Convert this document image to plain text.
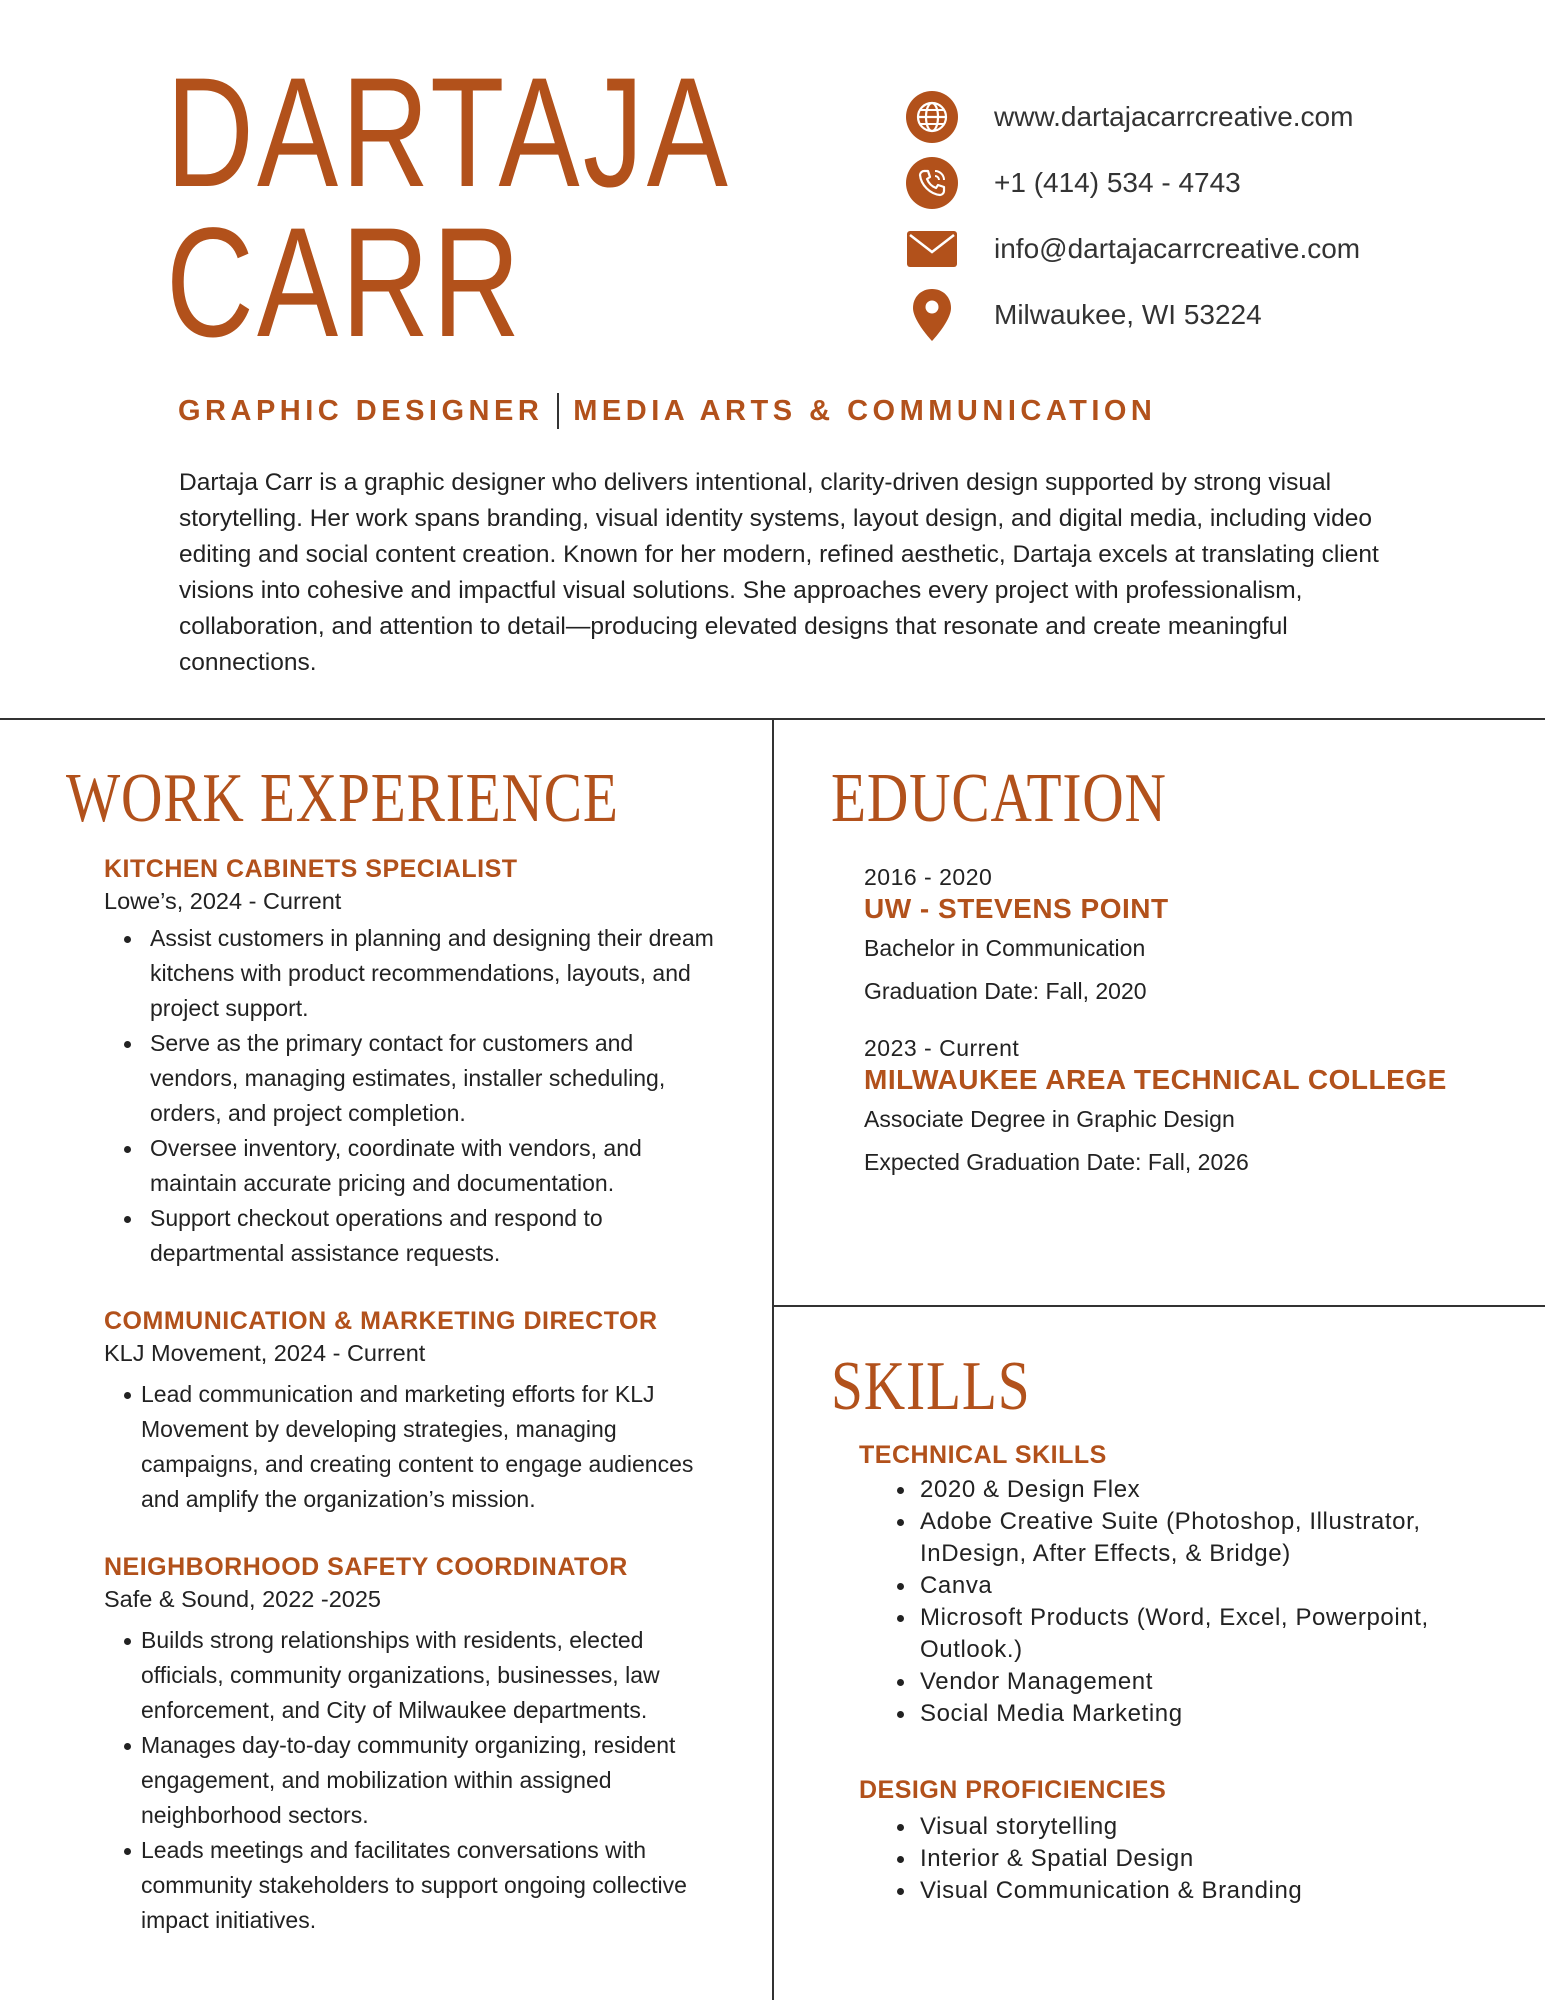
DARTAJA
CARR
www.dartajacarrcreative.com
+1 (414) 534 - 4743
info@dartajacarrcreative.com
Milwaukee, WI 53224
GRAPHIC DESIGNER MEDIA ARTS & COMMUNICATION

Dartaja Carr is a graphic designer who delivers intentional, clarity-driven design supported by strong visual storytelling. Her work spans branding, visual identity systems, layout design, and digital media, including video editing and social content creation. Known for her modern, refined aesthetic, Dartaja excels at translating client visions into cohesive and impactful visual solutions. She approaches every project with professionalism, collaboration, and attention to detail—producing elevated designs that resonate and create meaningful connections.

WORK EXPERIENCE	EDUCATION
SKILLS
KITCHEN CABINETS SPECIALIST
Lowe’s, 2024 - Current
Assist customers in planning and designing their dream kitchens with product recommendations, layouts, and project support.
Serve as the primary contact for customers and vendors, managing estimates, installer scheduling, orders, and project completion.
Oversee inventory, coordinate with vendors, and maintain accurate pricing and documentation.
Support checkout operations and respond to departmental assistance requests.
COMMUNICATION & MARKETING DIRECTOR
KLJ Movement, 2024 - Current
Lead communication and marketing efforts for KLJ Movement by developing strategies, managing campaigns, and creating content to engage audiences and amplify the organization’s mission.
NEIGHBORHOOD SAFETY COORDINATOR
Safe & Sound, 2022 -2025
Builds strong relationships with residents, elected officials, community organizations, businesses, law enforcement, and City of Milwaukee departments.
Manages day-to-day community organizing, resident engagement, and mobilization within assigned neighborhood sectors.
Leads meetings and facilitates conversations with community stakeholders to support ongoing collective impact initiatives.
2016 - 2020
UW - STEVENS POINT
Bachelor in Communication
Graduation Date: Fall, 2020
2023 - Current
MILWAUKEE AREA TECHNICAL COLLEGE
Associate Degree in Graphic Design
Expected Graduation Date: Fall, 2026
TECHNICAL SKILLS
2020 & Design Flex
Adobe Creative Suite (Photoshop, Illustrator, InDesign, After Effects, & Bridge)
Canva
Microsoft Products (Word, Excel, Powerpoint, Outlook.)
Vendor Management
Social Media Marketing
DESIGN PROFICIENCIES
Visual storytelling
Interior & Spatial Design
Visual Communication & Branding
